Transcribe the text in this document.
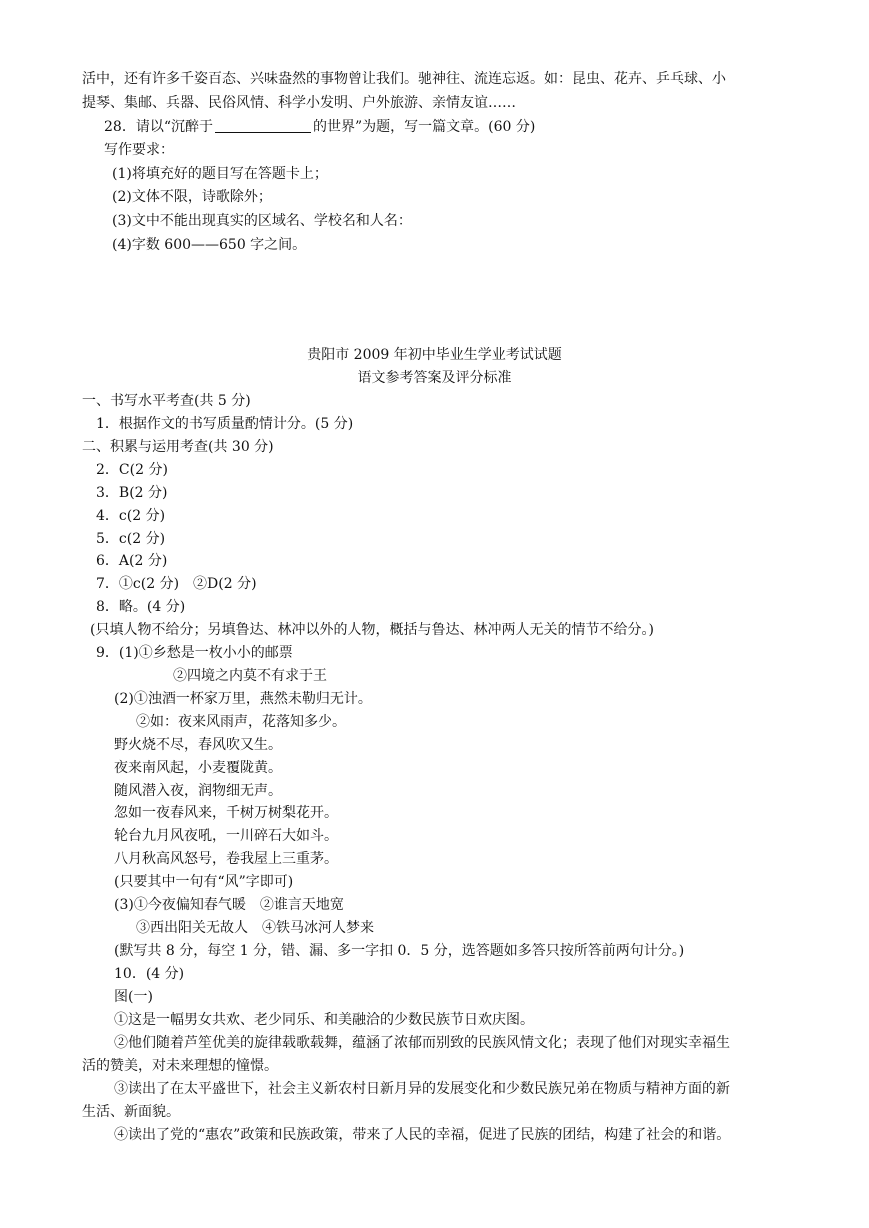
活中，还有许多千姿百态、兴味盎然的事物曾让我们。驰神往、流连忘返。如：昆虫、花卉、乒乓球、小
提琴、集邮、兵器、民俗风情、科学小发明、户外旅游、亲情友谊……
28．请以“沉醉于	的世界”为题，写一篇文章。(60 分)
写作要求：
(1)将填充好的题目写在答题卡上；
(2)文体不限，诗歌除外；
(3)文中不能出现真实的区域名、学校名和人名：
(4)字数 600——650 字之间。
贵阳市 2009 年初中毕业生学业考试试题
语文参考答案及评分标准
一、书写水平考查(共 5 分)
1．根据作文的书写质量酌情计分。(5 分)
二、积累与运用考查(共 30 分)
2．C(2 分)
3．B(2 分)
4．c(2 分)
5．c(2 分)
6．A(2 分)
7．①c(2 分)　②D(2 分)
8．略。(4 分)
(只填人物不给分；另填鲁达、林冲以外的人物，概括与鲁达、林冲两人无关的情节不给分。)
9．(1)①乡愁是一枚小小的邮票
②四境之内莫不有求于王
(2)①浊酒一杯家万里，燕然未勒归无计。
②如：夜来风雨声，花落知多少。
野火烧不尽，春风吹又生。
夜来南风起，小麦覆陇黄。
随风潜入夜，润物细无声。
忽如一夜春风来，千树万树梨花开。
轮台九月风夜吼，一川碎石大如斗。
八月秋高风怒号，卷我屋上三重茅。
(只要其中一句有“风”字即可)
(3)①今夜偏知春气暖　②谁言天地宽
③西出阳关无故人　④铁马冰河人梦来
(默写共 8 分，每空 1 分，错、漏、多一字扣 0．5 分，选答题如多答只按所答前两句计分。)
10．(4 分)
图(一)
①这是一幅男女共欢、老少同乐、和美融洽的少数民族节日欢庆图。
②他们随着芦笙优美的旋律载歌载舞，蕴涵了浓郁而别致的民族风情文化；表现了他们对现实幸福生
活的赞美，对未来理想的憧憬。
③读出了在太平盛世下，社会主义新农村日新月异的发展变化和少数民族兄弟在物质与精神方面的新
生活、新面貌。
④读出了党的“惠农”政策和民族政策，带来了人民的幸福，促进了民族的团结，构建了社会的和谐。
